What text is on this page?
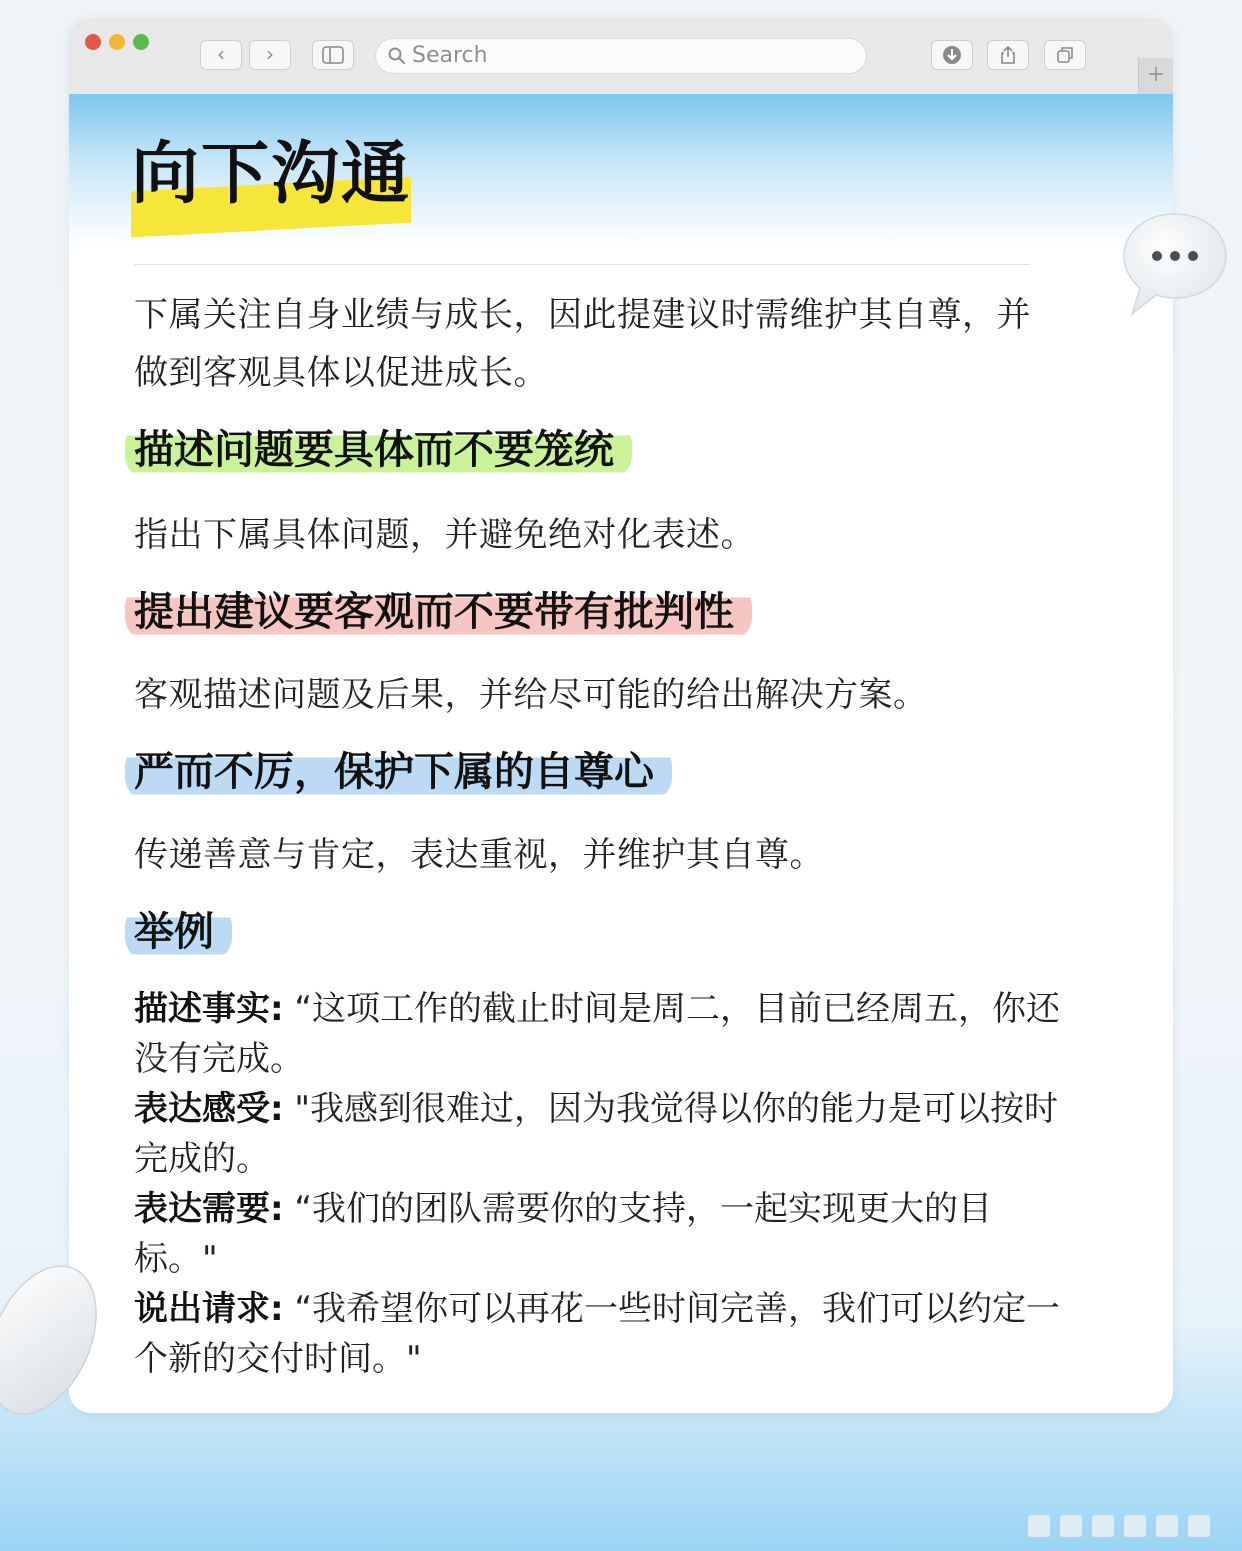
‹	›	Search
+
向下沟通
下属关注自身业绩与成长，因此提建议时需维护其自尊，并
做到客观具体以促进成长。
描述问题要具体而不要笼统
指出下属具体问题，并避免绝对化表述。
提出建议要客观而不要带有批判性
客观描述问题及后果，并给尽可能的给出解决方案。
严而不厉，保护下属的自尊心
传递善意与肯定，表达重视，并维护其自尊。
举例
描述事实: “这项工作的截止时间是周二，目前已经周五，你还
没有完成。
表达感受: "我感到很难过，因为我觉得以你的能力是可以按时
完成的。
表达需要: “我们的团队需要你的支持，一起实现更大的目
标。"
说出请求: “我希望你可以再花一些时间完善，我们可以约定一
个新的交付时间。"
